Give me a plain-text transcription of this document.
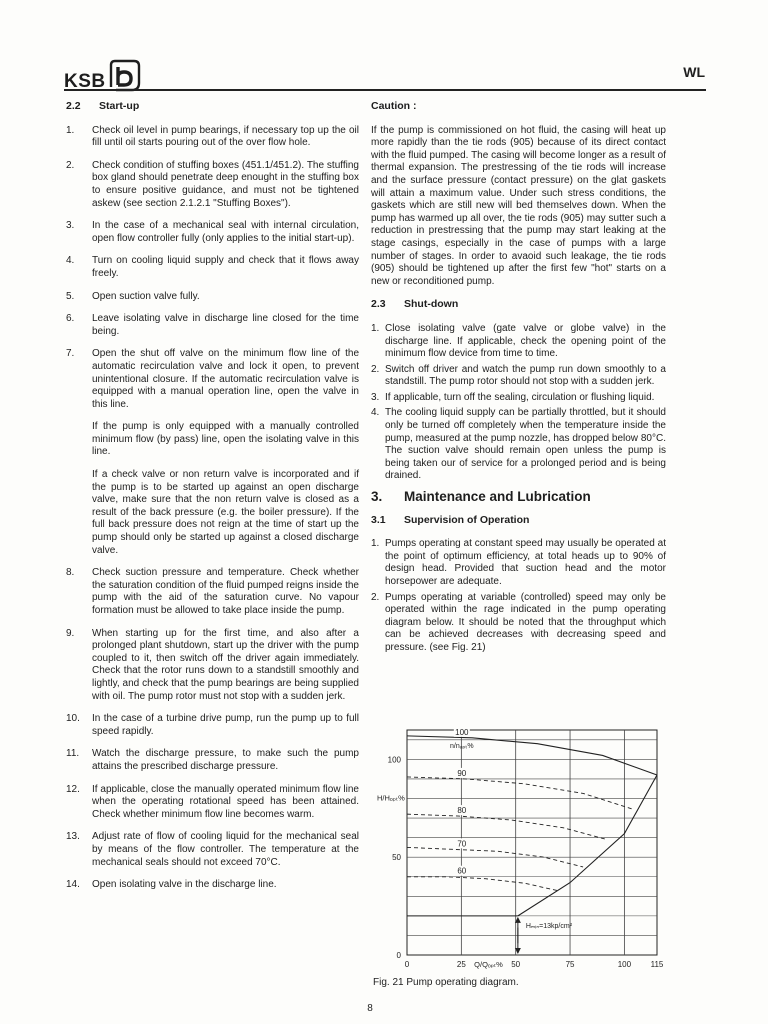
KSB	WL
2.2	Start-up
1.	Check oil level in pump bearings, if necessary top up the oil fill until oil starts pouring out of the over flow hole.

2.	Check condition of stuffing boxes (451.1/451.2). The stuffing box gland should penetrate deep enought in the stuffing box to ensure positive guidance, and must not be tightened askew (see section 2.1.2.1 "Stuffing Boxes").

3.	In the case of a mechanical seal with internal circulation, open flow controller fully (only applies to the initial start-up).

4.	Turn on cooling liquid supply and check that it flows away freely.

5.	Open suction valve fully.

6.	Leave isolating valve in discharge line closed for the time being.

7.	Open the shut off valve on the minimum flow line of the automatic recirculation valve and lock it open, to prevent unintentional closure. If the automatic recirculation valve is equipped with a manual operation line, open the valve in this line.

If the pump is only equipped with a manually controlled minimum flow (by pass) line, open the isolating valve in this line.

If a check valve or non return valve is incorporated and if the pump is to be started up against an open discharge valve, make sure that the non return valve is closed as a result of the back pressure (e.g. the boiler pressure). If the full back pressure does not reign at the time of start up the pump should only be started up against a closed discharge valve.

8.	Check suction pressure and temperature. Check whether the saturation condition of the fluid pumped reigns inside the pump with the aid of the saturation curve. No vapour formation must be allowed to take place inside the pump.

9.	When starting up for the first time, and also after a prolonged plant shutdown, start up the driver with the pump coupled to it, then switch off the driver again immediately. Check that the rotor runs down to a standstill smoothly and lightly, and check that the pump bearings are being supplied with oil. The pump rotor must not stop with a sudden jerk.

10.	In the case of a turbine drive pump, run the pump up to full speed rapidly.

11.	Watch the discharge pressure, to make such the pump attains the prescribed discharge pressure.

12.	If applicable, close the manually operated minimum flow line when the operating rotational speed has been attained. Check whether minimum flow line becomes warm.

13.	Adjust rate of flow of cooling liquid for the mechanical seal by means of the flow controller. The temperature at the mechanical seals should not exceed 70°C.

14.	Open isolating valve in the discharge line.

Caution :

If the pump is commissioned on hot fluid, the casing will heat up more rapidly than the tie rods (905) because of its direct contact with the fluid pumped. The casing will become longer as a result of thermal expansion. The prestressing of the tie rods will increase and the surface pressure (contact pressure) on the glat gaskets will attain a maximum value. Under such stress conditions, the gaskets which are still new will bed themselves down. When the pump has warmed up all over, the tie rods (905) may sutter such a reduction in prestressing that the pump may start leaking at the stage casings, especially in the case of pumps with a large number of stages. In order to avaoid such leakage, the tie rods (905) should be tightened up after the first few "hot" starts on a new or reconditioned pump.

2.3	Shut-down
1. Close isolating valve (gate valve or globe valve) in the discharge line. If applicable, check the opening point of the minimum flow device from time to time.
2. Switch off driver and watch the pump run down smoothly to a standstill. The pump rotor should not stop with a sudden jerk.
3. If applicable, turn off the sealing, circulation or flushing liquid.
4. The cooling liquid supply can be partially throttled, but it should only be turned off completely when the temperature inside the pump, measured at the pump nozzle, has dropped below 80°C. The suction valve should remain open unless the pump is being taken our of service for a prolonged period and is being drained.
3.	Maintenance and Lubrication
3.1	Supervision of Operation
1. Pumps operating at constant speed may usually be operated at the point of optimum efficiency, at total heads up to 90% of design head. Provided that suction head and the motor horsepower are adequate.
2. Pumps operating at variable (controlled) speed may only be operated within the rage indicated in the pump operating diagram below. It should be noted that the throughput which can be achieved decreases with decreasing speed and pressure. (see Fig. 21)
100
90
80
70
60
n/nₒₚₜ%
Hₘᵢₙ=13kp/cm²
0
50
100
H/Hₒₚₜ%
0	25	50	75	100 115
Q/Qₒₚₜ%
Fig. 21 Pump operating diagram.
8
